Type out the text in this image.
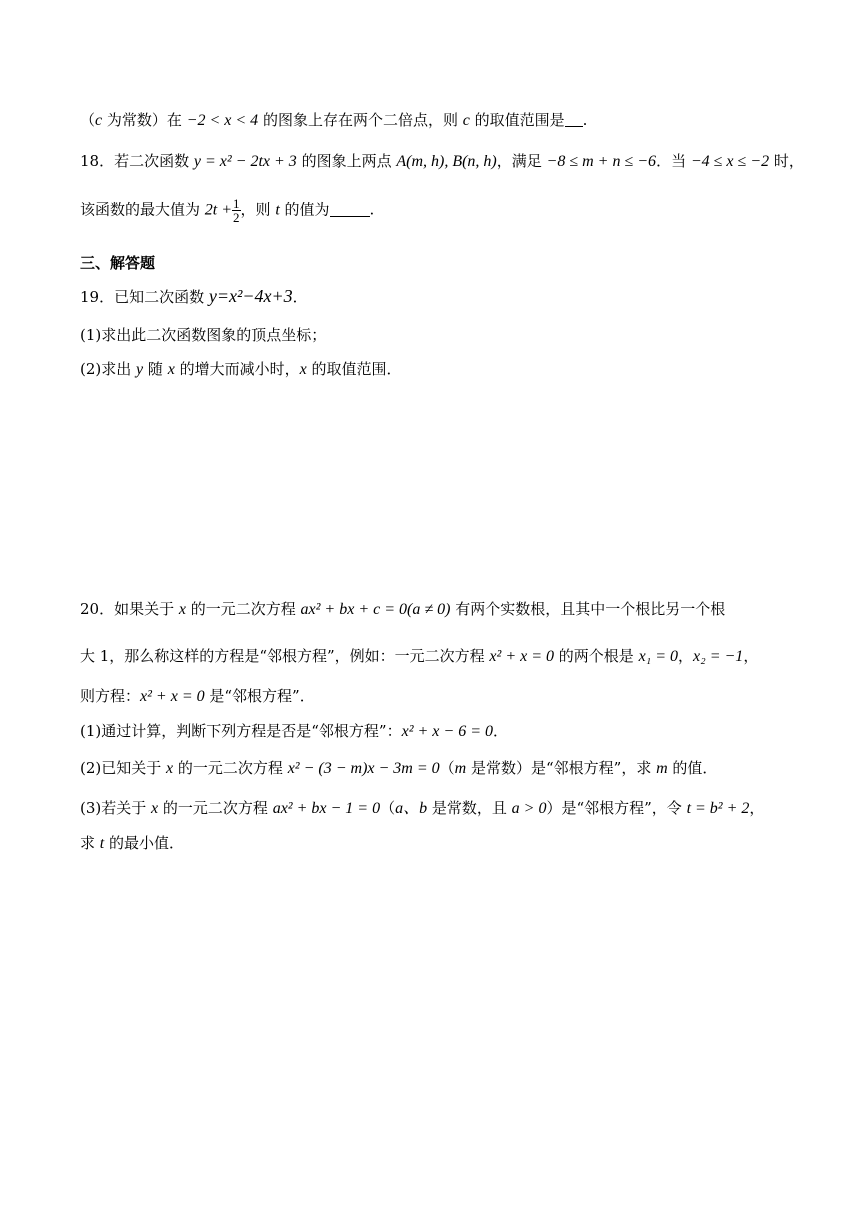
（c 为常数）在 −2 < x < 4 的图象上存在两个二倍点，则 c 的取值范围是 .
18．若二次函数 y = x² − 2tx + 3 的图象上两点 A(m, h), B(n, h)，满足 −8 ≤ m + n ≤ −6．当 −4 ≤ x ≤ −2 时，
该函数的最大值为 $2t + \frac{1}{2}$ ，则 t 的值为	.
三、解答题
19．已知二次函数 y=x²−4x+3．
(1)求出此二次函数图象的顶点坐标；
(2)求出 y 随 x 的增大而减小时，x 的取值范围．
20．如果关于 x 的一元二次方程 ax² + bx + c = 0(a ≠ 0) 有两个实数根，且其中一个根比另一个根
大 1，那么称这样的方程是“邻根方程”，例如：一元二次方程 x² + x = 0 的两个根是 x₁ = 0，x₂ = −1，
则方程：x² + x = 0 是“邻根方程”．
(1)通过计算，判断下列方程是否是“邻根方程”：x² + x − 6 = 0．
(2)已知关于 x 的一元二次方程 x² − (3 − m)x − 3m = 0（m 是常数）是“邻根方程”，求 m 的值．
(3)若关于 x 的一元二次方程 ax² + bx − 1 = 0（a、b 是常数，且 a > 0）是“邻根方程”，令 t = b² + 2，
求 t 的最小值．
